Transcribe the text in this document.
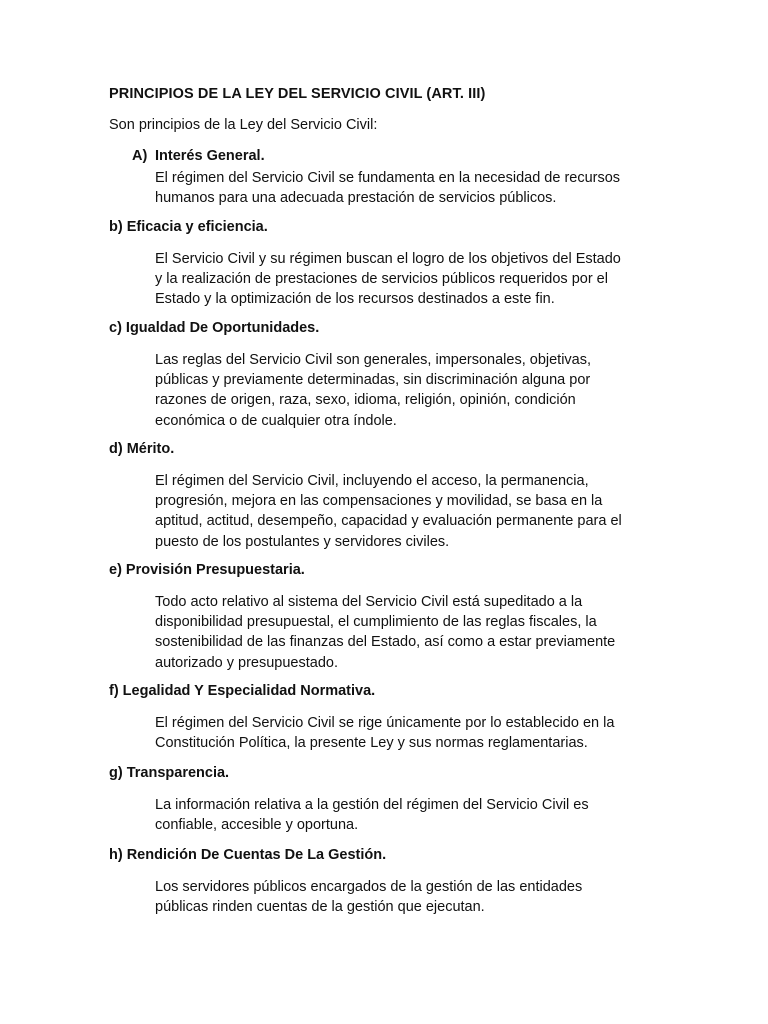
PRINCIPIOS DE LA LEY DEL SERVICIO CIVIL (ART. III)
Son principios de la Ley del Servicio Civil:
A) Interés General.
El régimen del Servicio Civil se fundamenta en la necesidad de recursos
humanos para una adecuada prestación de servicios públicos.
b) Eficacia y eficiencia.
El Servicio Civil y su régimen buscan el logro de los objetivos del Estado
y la realización de prestaciones de servicios públicos requeridos por el
Estado y la optimización de los recursos destinados a este fin.
c) Igualdad De Oportunidades.
Las reglas del Servicio Civil son generales, impersonales, objetivas,
públicas y previamente determinadas, sin discriminación alguna por
razones de origen, raza, sexo, idioma, religión, opinión, condición
económica o de cualquier otra índole.
d) Mérito.
El régimen del Servicio Civil, incluyendo el acceso, la permanencia,
progresión, mejora en las compensaciones y movilidad, se basa en la
aptitud, actitud, desempeño, capacidad y evaluación permanente para el
puesto de los postulantes y servidores civiles.
e) Provisión Presupuestaria.
Todo acto relativo al sistema del Servicio Civil está supeditado a la
disponibilidad presupuestal, el cumplimiento de las reglas fiscales, la
sostenibilidad de las finanzas del Estado, así como a estar previamente
autorizado y presupuestado.
f) Legalidad Y Especialidad Normativa.
El régimen del Servicio Civil se rige únicamente por lo establecido en la
Constitución Política, la presente Ley y sus normas reglamentarias.
g) Transparencia.
La información relativa a la gestión del régimen del Servicio Civil es
confiable, accesible y oportuna.
h) Rendición De Cuentas De La Gestión.
Los servidores públicos encargados de la gestión de las entidades
públicas rinden cuentas de la gestión que ejecutan.
